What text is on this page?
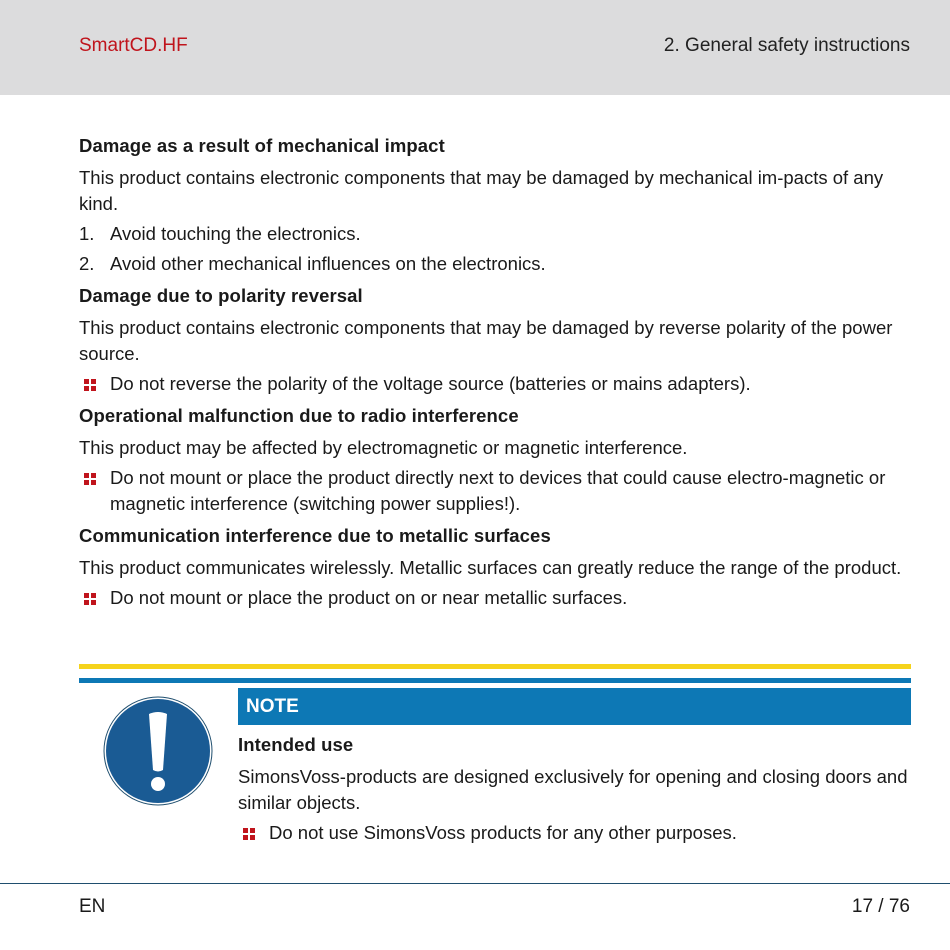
SmartCD.HF	2. General safety instructions
Damage as a result of mechanical impact

This product contains electronic components that may be damaged by mechanical im-pacts of any kind.

1. Avoid touching the electronics.
2. Avoid other mechanical influences on the electronics.
Damage due to polarity reversal

This product contains electronic components that may be damaged by reverse polarity of the power source.

Do not reverse the polarity of the voltage source (batteries or mains adapters).
Operational malfunction due to radio interference

This product may be affected by electromagnetic or magnetic interference.

Do not mount or place the product directly next to devices that could cause electro-magnetic or magnetic interference (switching power supplies!).
Communication interference due to metallic surfaces

This product communicates wirelessly. Metallic surfaces can greatly reduce the range of the product.

Do not mount or place the product on or near metallic surfaces.
NOTE
Intended use

SimonsVoss-products are designed exclusively for opening and closing doors and similar objects.

Do not use SimonsVoss products for any other purposes.
EN	17 / 76
